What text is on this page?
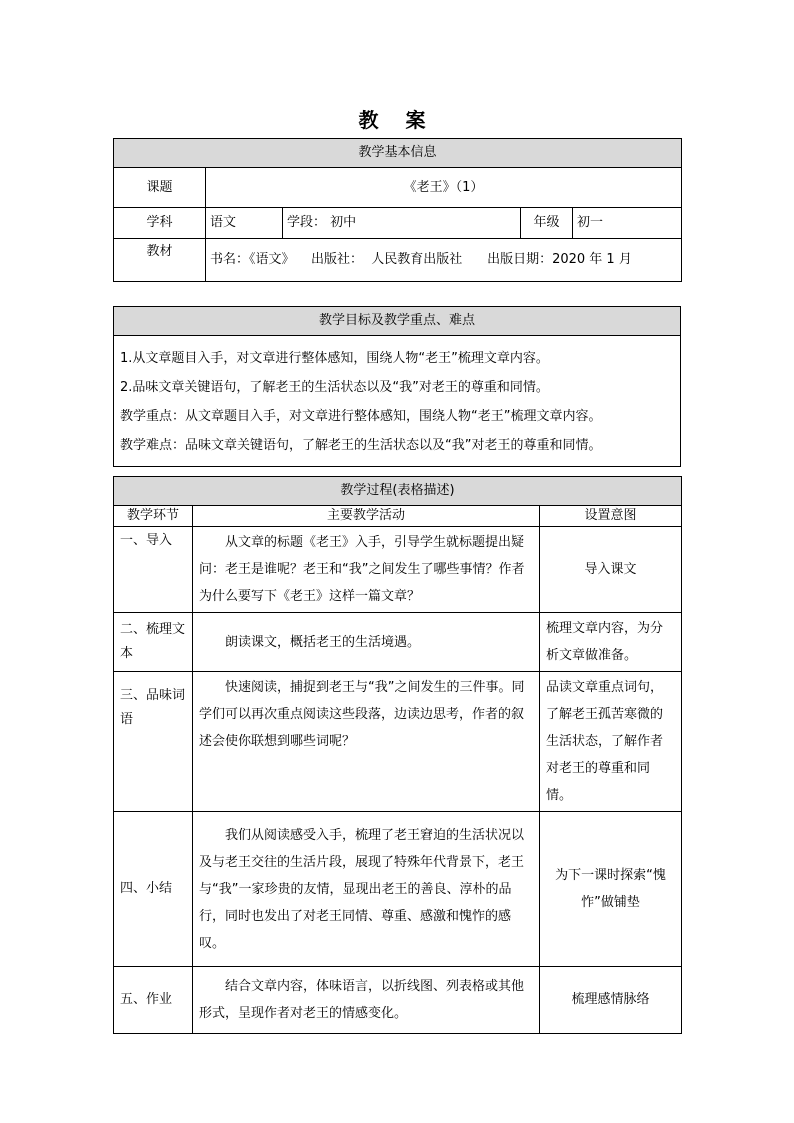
教 案
教学基本信息				
课题	《老王》（1）			
学科	语文	学段： 初中	年级	初一
教材	书名：《语文》    出版社：  人民教育出版社      出版日期：2020 年 1 月			
教学目标及教学重点、难点
1.从文章题目入手，对文章进行整体感知，围绕人物“老王”梳理文章内容。
2.品味文章关键语句，了解老王的生活状态以及“我”对老王的尊重和同情。
教学重点：从文章题目入手，对文章进行整体感知，围绕人物“老王”梳理文章内容。
教学难点：品味文章关键语句，了解老王的生活状态以及“我”对老王的尊重和同情。
教学过程(表格描述)		
教学环节	主要教学活动	设置意图
一、导入	从文章的标题《老王》入手，引导学生就标题提出疑问：老王是谁呢？老王和“我”之间发生了哪些事情？作者为什么要写下《老王》这样一篇文章？	导入课文
二、梳理文本	朗读课文，概括老王的生活境遇。	梳理文章内容，为分析文章做准备。
三、品味词语	快速阅读，捕捉到老王与“我”之间发生的三件事。同学们可以再次重点阅读这些段落，边读边思考，作者的叙述会使你联想到哪些词呢？	品读文章重点词句，了解老王孤苦寒微的生活状态，了解作者对老王的尊重和同情。
四、小结	我们从阅读感受入手，梳理了老王窘迫的生活状况以及与老王交往的生活片段，展现了特殊年代背景下，老王与“我”一家珍贵的友情，显现出老王的善良、淳朴的品行，同时也发出了对老王同情、尊重、感激和愧怍的感叹。	为下一课时探索“愧怍”做铺垫
五、作业	结合文章内容，体味语言，以折线图、列表格或其他形式，呈现作者对老王的情感变化。	梳理感情脉络
